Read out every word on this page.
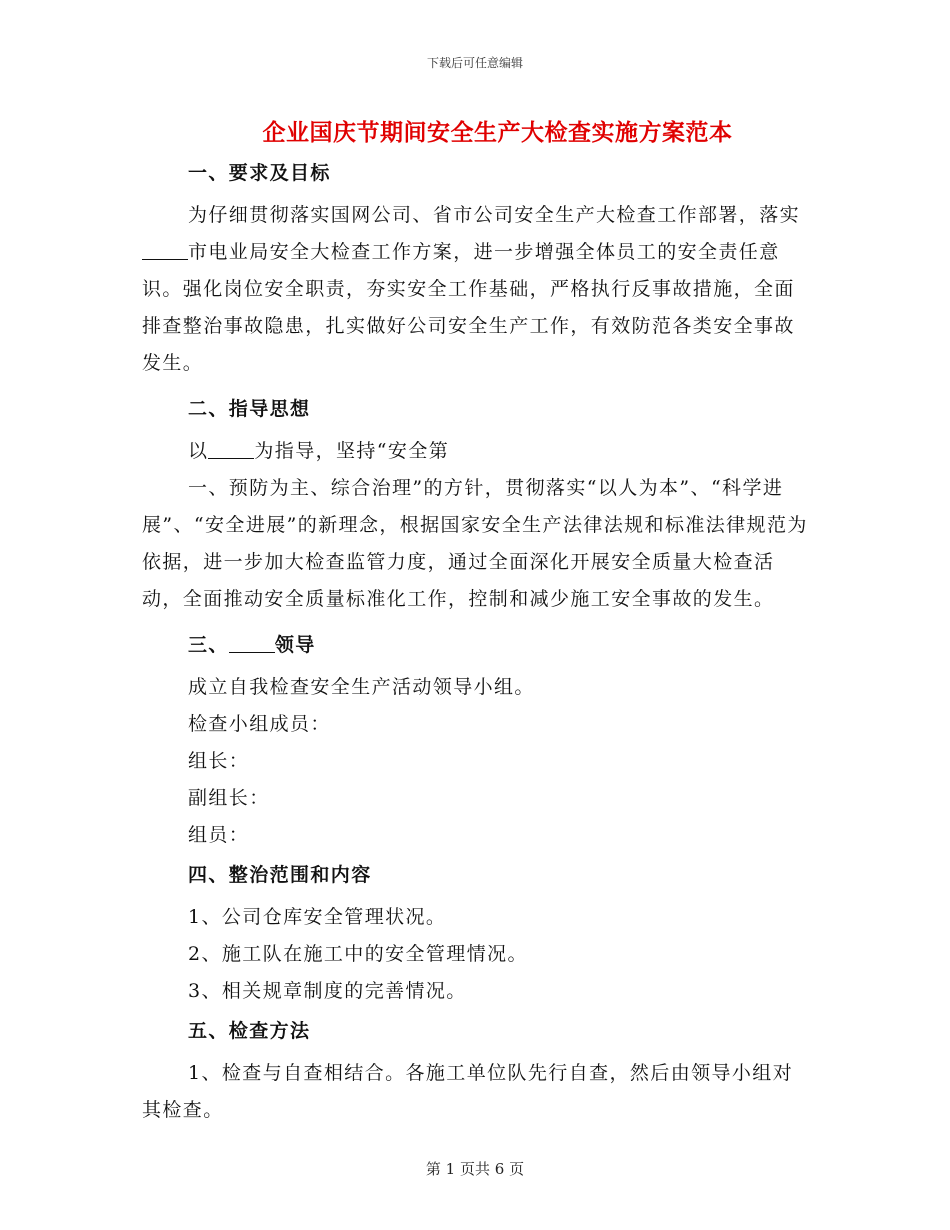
下载后可任意编辑
企业国庆节期间安全生产大检查实施方案范本

一、要求及目标

为仔细贯彻落实国网公司、省市公司安全生产大检查工作部署，落实市电业局安全大检查工作方案，进一步增强全体员工的安全责任意识。强化岗位安全职责，夯实安全工作基础，严格执行反事故措施，全面排查整治事故隐患，扎实做好公司安全生产工作，有效防范各类安全事故发生。

二、指导思想

以 为指导，坚持“安全第

一、预防为主、综合治理”的方针，贯彻落实“以人为本”、“科学进展”、“安全进展”的新理念，根据国家安全生产法律法规和标准法律规范为依据，进一步加大检查监管力度，通过全面深化开展安全质量大检查活动，全面推动安全质量标准化工作，控制和减少施工安全事故的发生。

三、 领导

成立自我检查安全生产活动领导小组。

检查小组成员：

组长：

副组长：

组员：

四、整治范围和内容

1、公司仓库安全管理状况。

2、施工队在施工中的安全管理情况。

3、相关规章制度的完善情况。

五、检查方法

1、检查与自查相结合。各施工单位队先行自查，然后由领导小组对其检查。

第 1 页共 6 页
